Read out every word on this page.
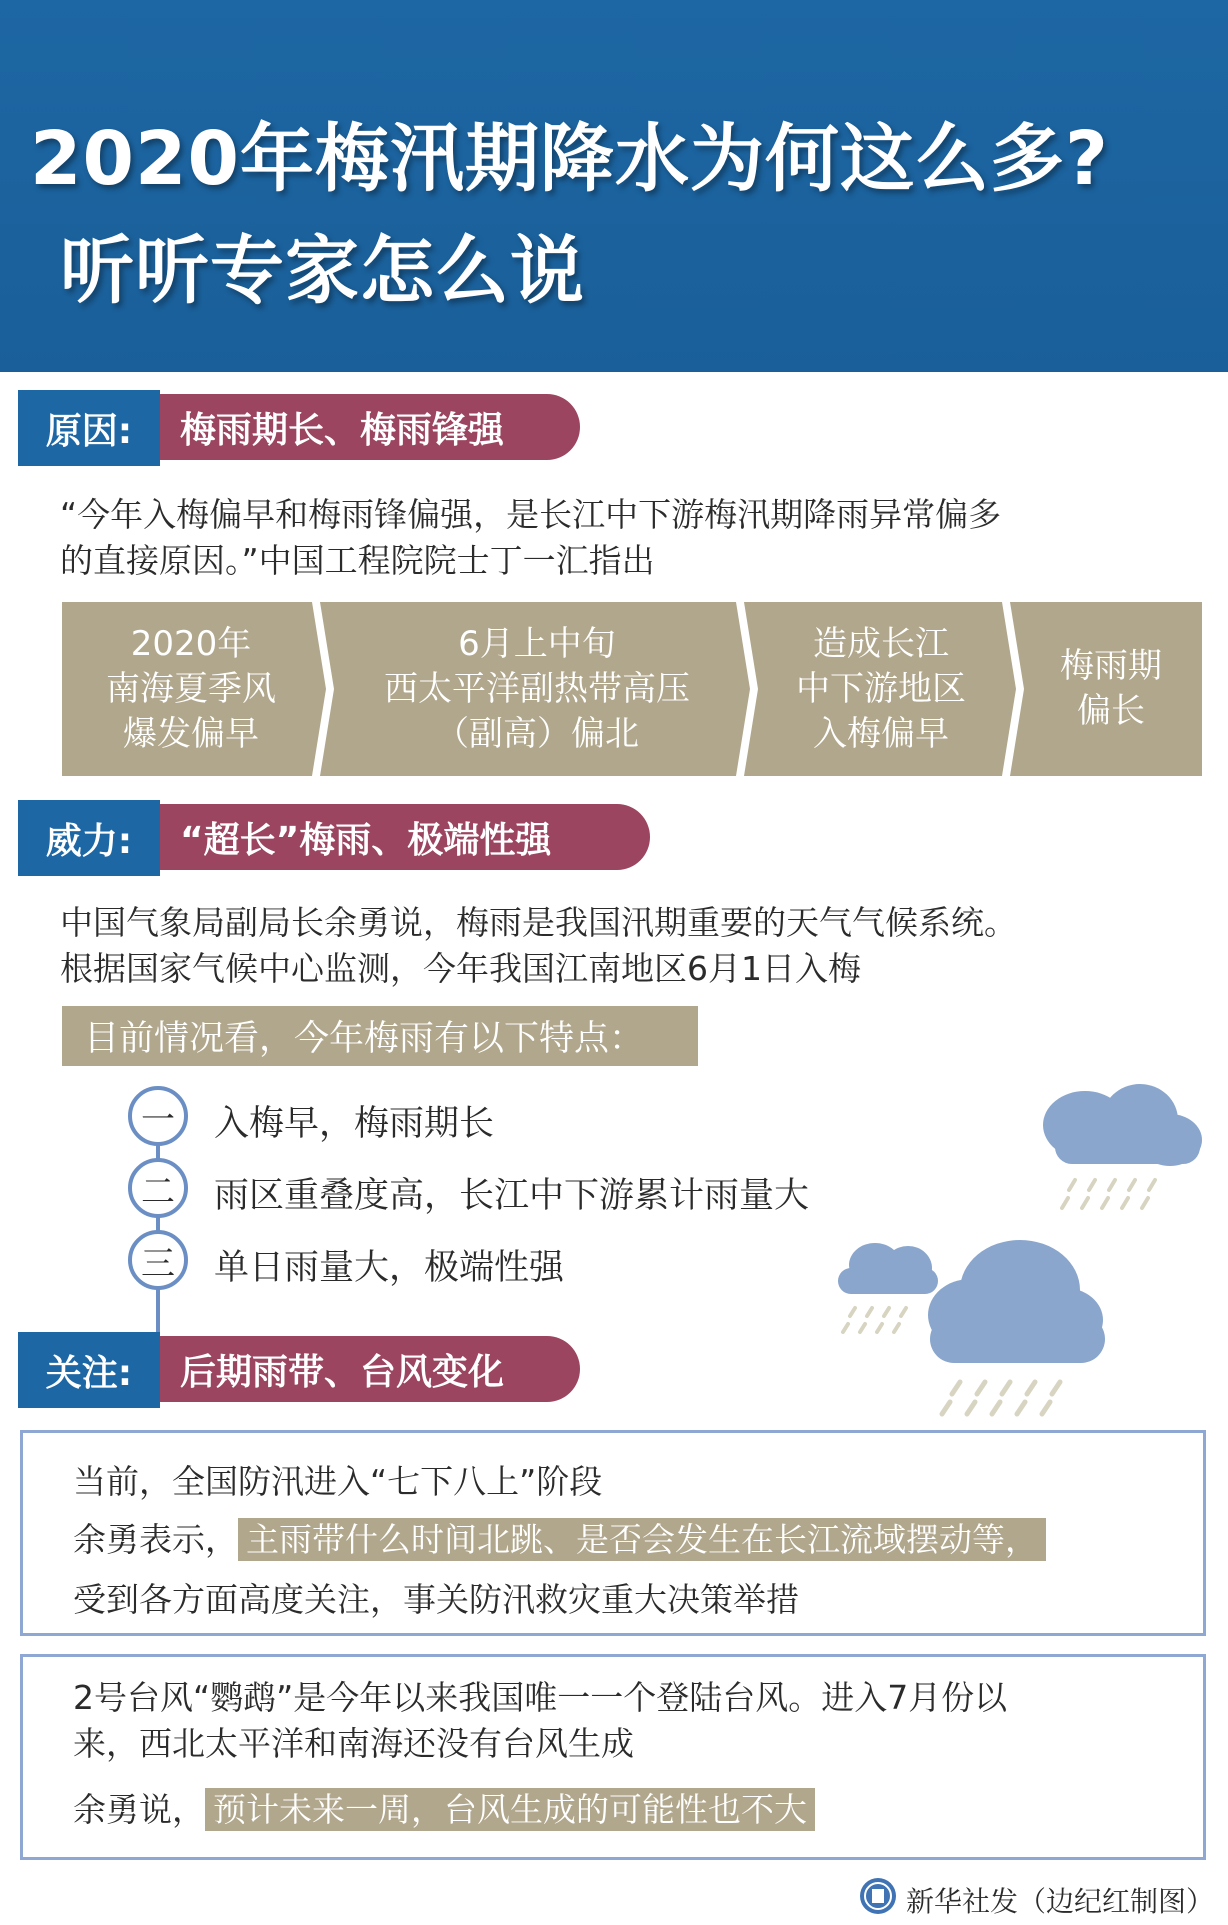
2020年梅汛期降水为何这么多?
听听专家怎么说
梅雨期长、梅雨锋强
原因:
“今年入梅偏早和梅雨锋偏强，是长江中下游梅汛期降雨异常偏多
的直接原因。”中国工程院院士丁一汇指出
2020年
南海夏季风
爆发偏早
6月上中旬
西太平洋副热带高压
（副高）偏北
造成长江
中下游地区
入梅偏早
梅雨期
偏长
“超长”梅雨、极端性强
威力:
中国气象局副局长余勇说，梅雨是我国汛期重要的天气气候系统。
根据国家气候中心监测，今年我国江南地区6月1日入梅
目前情况看，今年梅雨有以下特点：
一	入梅早，梅雨期长
二	雨区重叠度高，长江中下游累计雨量大
三	单日雨量大，极端性强
后期雨带、台风变化
关注:
当前，全国防汛进入“七下八上”阶段
余勇表示， 主雨带什么时间北跳、是否会发生在长江流域摆动等，
受到各方面高度关注，事关防汛救灾重大决策举措
2号台风“鹦鹉”是今年以来我国唯一一个登陆台风。进入7月份以
来，西北太平洋和南海还没有台风生成
余勇说， 预计未来一周，台风生成的可能性也不大
新华社发（边纪红制图）
